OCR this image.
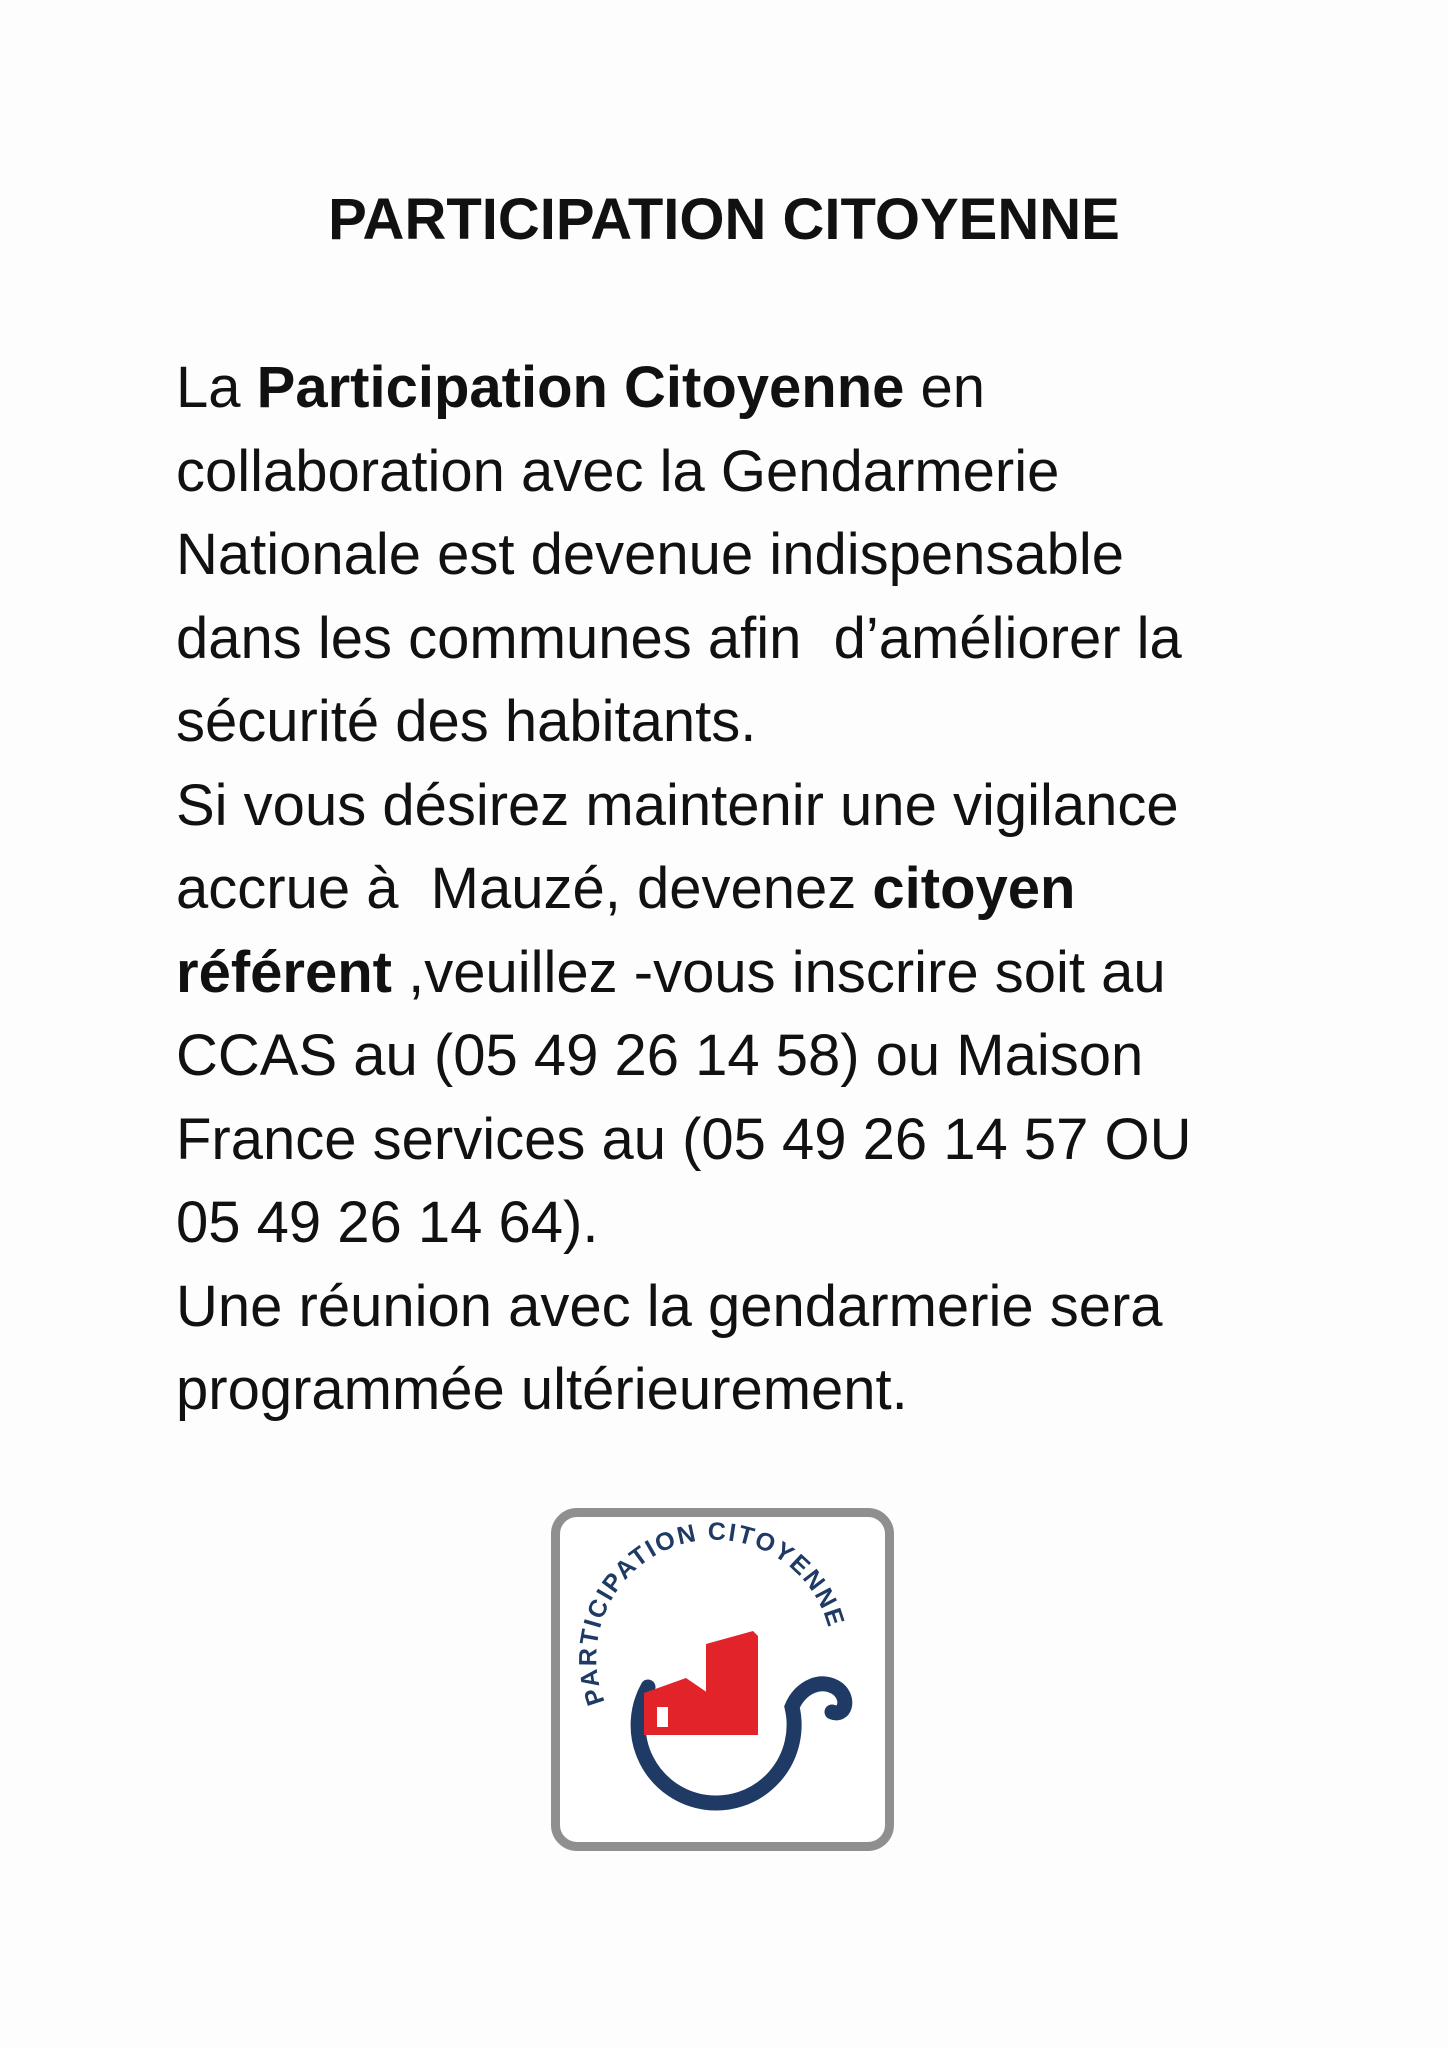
PARTICIPATION CITOYENNE
La Participation Citoyenne en
collaboration avec la Gendarmerie
Nationale est devenue indispensable
dans les communes afin  d’améliorer la
sécurité des habitants.
Si vous désirez maintenir une vigilance
accrue à  Mauzé, devenez citoyen
référent ,veuillez -vous inscrire soit au
CCAS au (05 49 26 14 58) ou Maison
France services au (05 49 26 14 57 OU
05 49 26 14 64).
Une réunion avec la gendarmerie sera
programmée ultérieurement.
PARTICIPATION CITOYENNE
